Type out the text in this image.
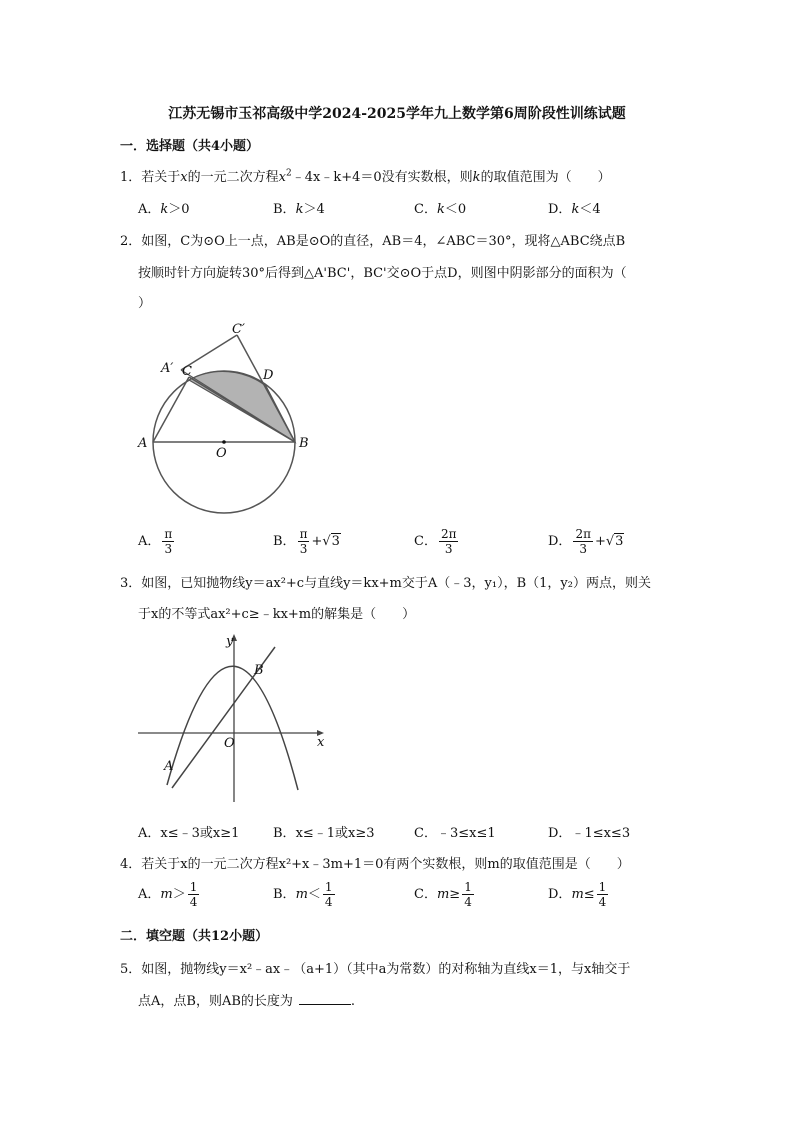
江苏无锡市玉祁高级中学2024-2025学年九上数学第6周阶段性训练试题
一．选择题（共4小题）
1．若关于x的一元二次方程$x^2﹣4x﹣k+4=0$没有实数根，则k的取值范围为（　　）
A．k＞0	B．k＞4	C．k＜0	D．k＜4
2．如图，C为⊙O上一点，AB是⊙O的直径，AB＝4，∠ABC＝30°，现将△ABC绕点B
按顺时针方向旋转30°后得到△A'BC'，BC'交⊙O于点D，则图中阴影部分的面积为（
）
A	B
C	D
O
A′
C′
A． $\frac{\pi}{3}$	B． $\frac{\pi}{3} +√3$	C． $\frac{2\pi}{3}$	D． $\frac{2\pi}{3} +√3$
3．如图，已知抛物线y＝ax²+c与直线y＝kx+m交于A（﹣3，y₁），B（1，y₂）两点，则关
于x的不等式ax²+c≥﹣kx+m的解集是（　　）
y
x
O
A
B
A．x≤﹣3或x≥1	B．x≤﹣1或x≥3	C．﹣3≤x≤1	D．﹣1≤x≤3
4．若关于x的一元二次方程x²+x﹣3m+1＝0有两个实数根，则m的取值范围是（　　）
A．$m> \frac{1}{4}$	B．$m< \frac{1}{4}$	C．$m\ge \frac{1}{4}$	D．$m\le \frac{1}{4}$
二．填空题（共12小题）
5．如图，抛物线y＝x²﹣ax﹣（a+1）（其中a为常数）的对称轴为直线x＝1，与x轴交于
点A，点B，则AB的长度为	.
